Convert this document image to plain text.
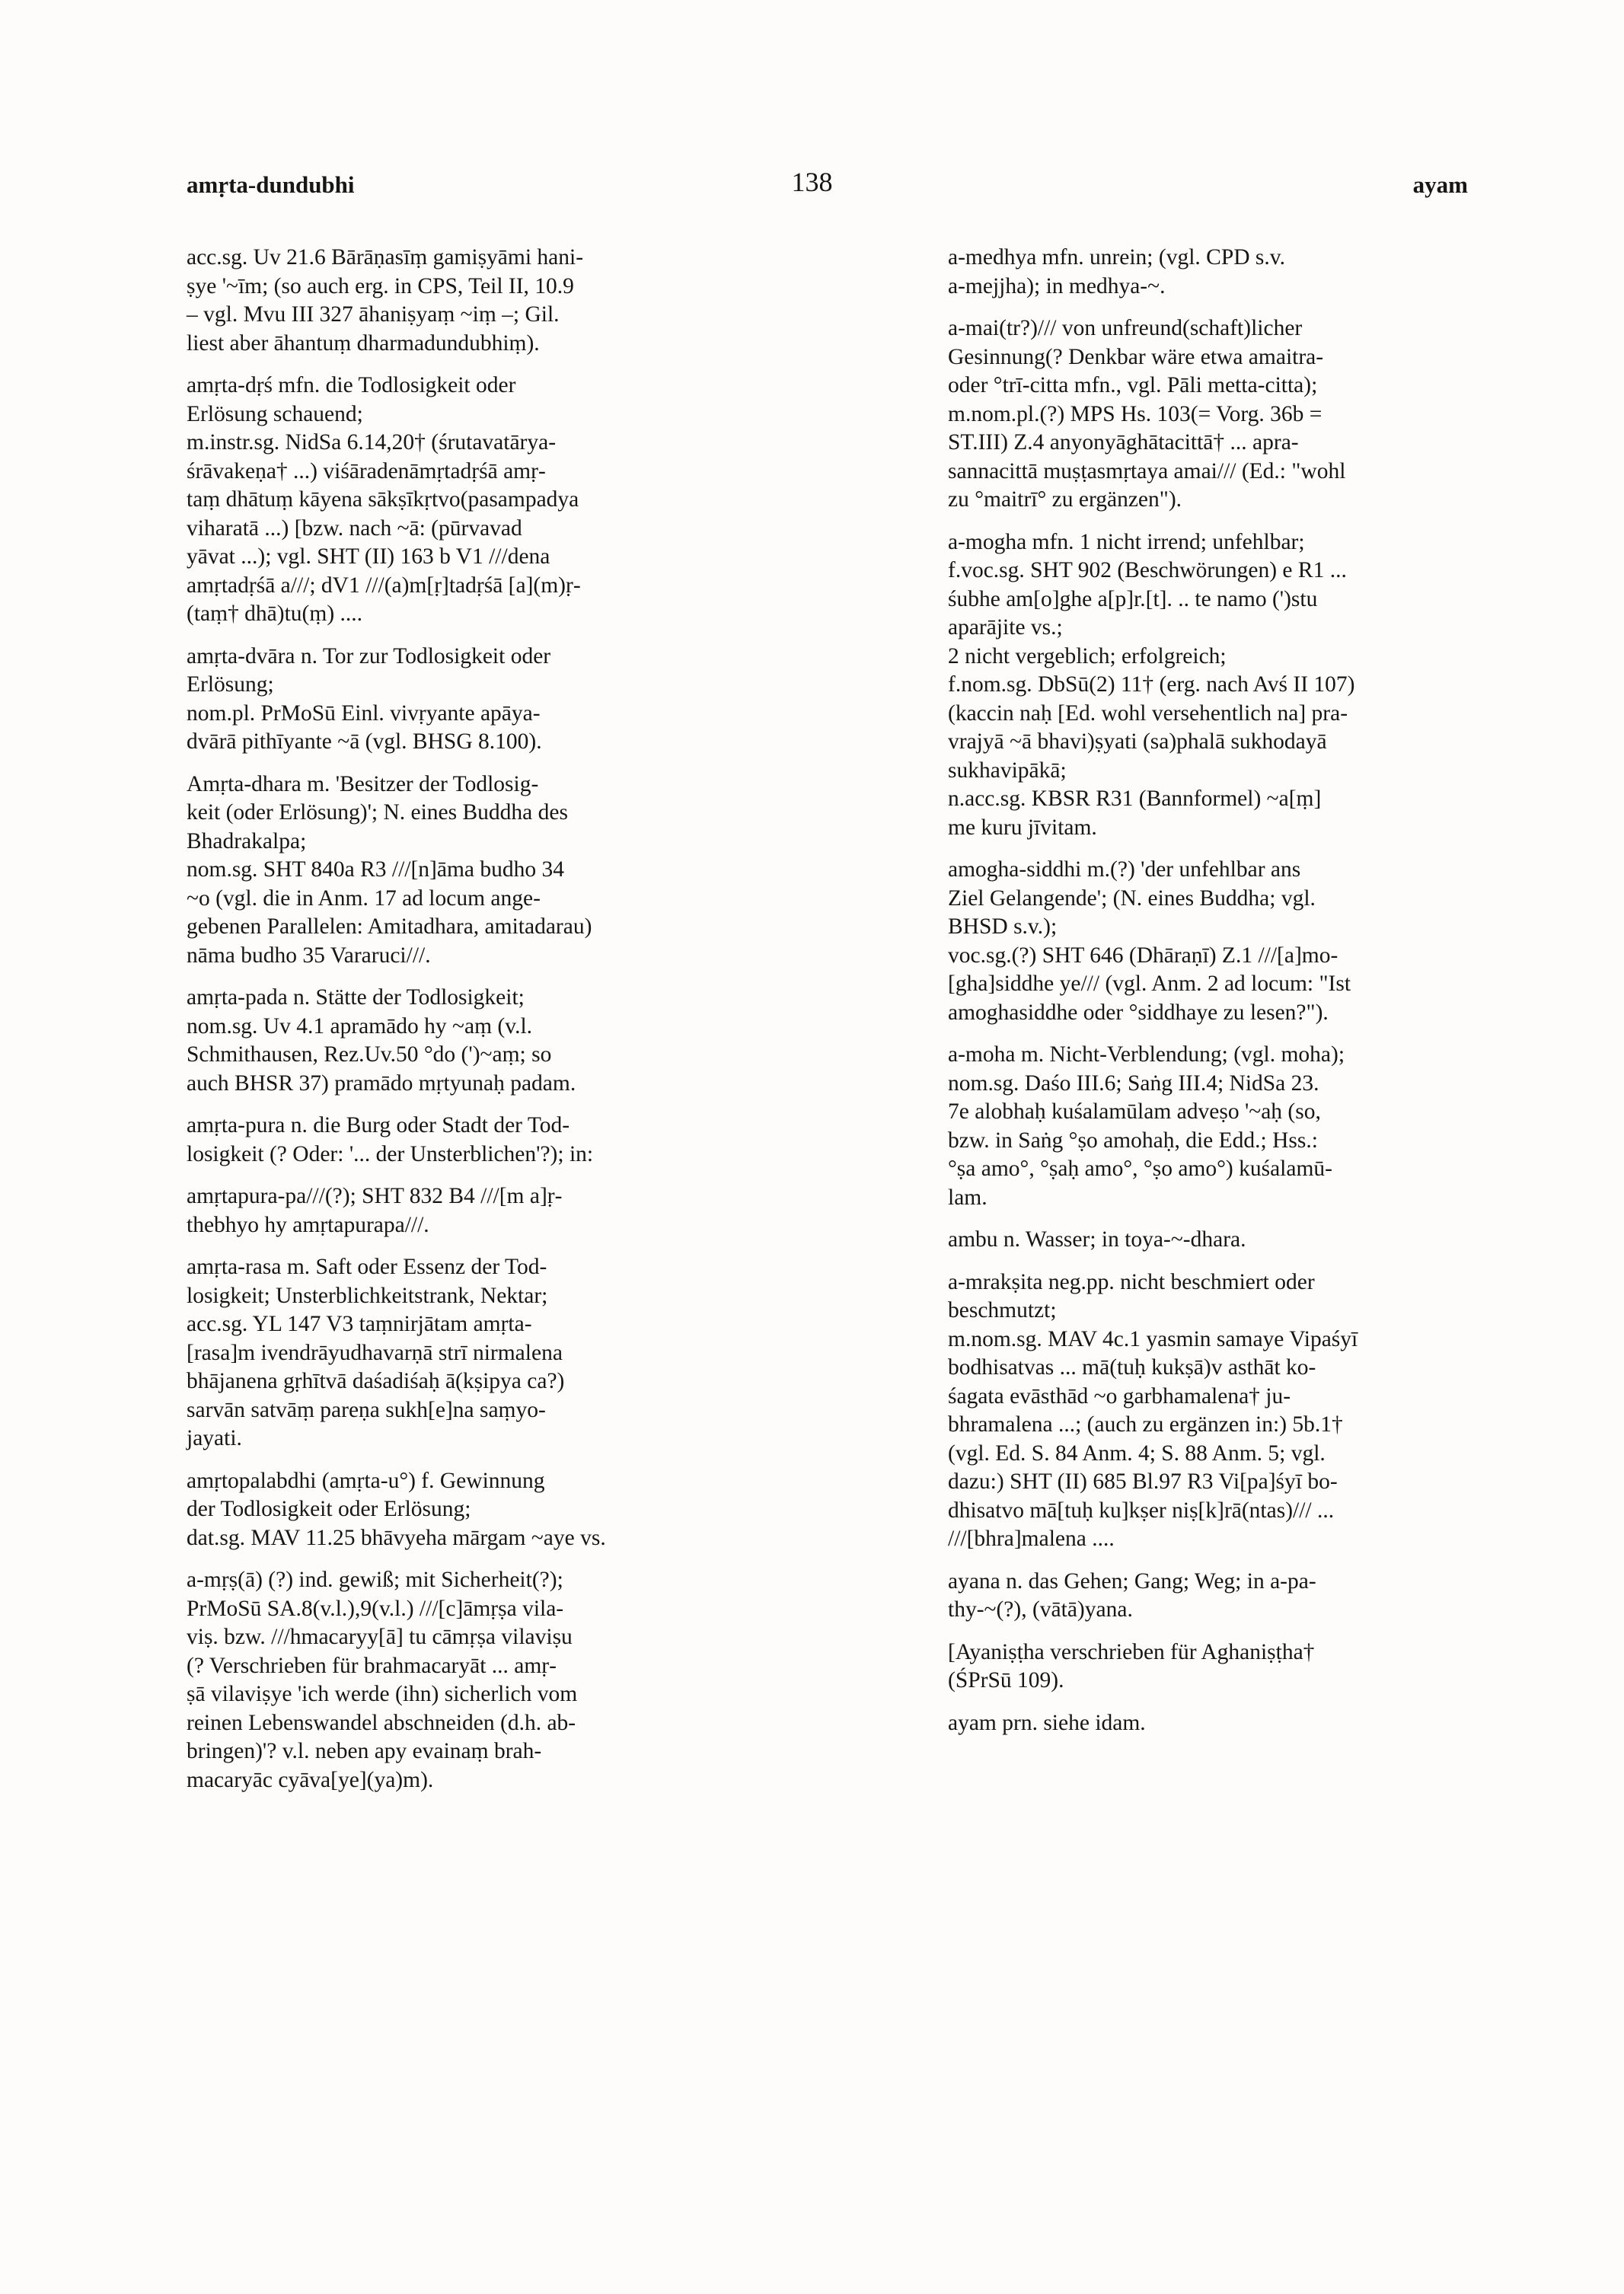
amṛta-dundubhi	138	ayam
acc.sg. Uv 21.6 Bārāṇasīṃ gamiṣyāmi hani-
ṣye '~īm; (so auch erg. in CPS, Teil II, 10.9
– vgl. Mvu III 327 āhaniṣyaṃ ~iṃ –; Gil.
liest aber āhantuṃ dharmadundubhiṃ).
amṛta-dṛś mfn. die Todlosigkeit oder
Erlösung schauend;
m.instr.sg. NidSa 6.14,20† (śrutavatārya-
śrāvakeṇa† ...) viśāradenāmṛtadṛśā amṛ-
taṃ dhātuṃ kāyena sākṣīkṛtvo(pasampadya
viharatā ...) [bzw. nach ~ā: (pūrvavad
yāvat ...); vgl. SHT (II) 163 b V1 ///dena
amṛtadṛśā a///; dV1 ///(a)m[ṛ]tadṛśā [a](m)ṛ-
(taṃ† dhā)tu(ṃ) ....
amṛta-dvāra n. Tor zur Todlosigkeit oder
Erlösung;
nom.pl. PrMoSū Einl. vivṛyante apāya-
dvārā pithīyante ~ā (vgl. BHSG 8.100).
Amṛta-dhara m. 'Besitzer der Todlosig-
keit (oder Erlösung)'; N. eines Buddha des
Bhadrakalpa;
nom.sg. SHT 840a R3 ///[n]āma budho 34
~o (vgl. die in Anm. 17 ad locum ange-
gebenen Parallelen: Amitadhara, amitadarau)
nāma budho 35 Vararuci///.
amṛta-pada n. Stätte der Todlosigkeit;
nom.sg. Uv 4.1 apramādo hy ~aṃ (v.l.
Schmithausen, Rez.Uv.50 °do (')~aṃ; so
auch BHSR 37) pramādo mṛtyunaḥ padam.
amṛta-pura n. die Burg oder Stadt der Tod-
losigkeit (? Oder: '... der Unsterblichen'?); in:
amṛtapura-pa///(?); SHT 832 B4 ///[m a]ṛ-
thebhyo hy amṛtapurapa///.
amṛta-rasa m. Saft oder Essenz der Tod-
losigkeit; Unsterblichkeitstrank, Nektar;
acc.sg. YL 147 V3 taṃnirjātam amṛta-
[rasa]m ivendrāyudhavarṇā strī nirmalena
bhājanena gṛhītvā daśadiśaḥ ā(kṣipya ca?)
sarvān satvāṃ pareṇa sukh[e]na saṃyo-
jayati.
amṛtopalabdhi (amṛta-u°) f. Gewinnung
der Todlosigkeit oder Erlösung;
dat.sg. MAV 11.25 bhāvyeha mārgam ~aye vs.
a-mṛṣ(ā) (?) ind. gewiß; mit Sicherheit(?);
PrMoSū SA.8(v.l.),9(v.l.) ///[c]āmṛṣa vila-
viṣ. bzw. ///hmacaryy[ā] tu cāmṛṣa vilaviṣu
(? Verschrieben für brahmacaryāt ... amṛ-
ṣā vilaviṣye 'ich werde (ihn) sicherlich vom
reinen Lebenswandel abschneiden (d.h. ab-
bringen)'? v.l. neben apy evainaṃ brah-
macaryāc cyāva[ye](ya)m).
a-medhya mfn. unrein; (vgl. CPD s.v.
a-mejjha); in medhya-~.
a-mai(tr?)/// von unfreund(schaft)licher
Gesinnung(? Denkbar wäre etwa amaitra-
oder °trī-citta mfn., vgl. Pāli metta-citta);
m.nom.pl.(?) MPS Hs. 103(= Vorg. 36b =
ST.III) Z.4 anyonyāghātacittā† ... apra-
sannacittā muṣṭasmṛtaya amai/// (Ed.: "wohl
zu °maitrī° zu ergänzen").
a-mogha mfn. 1 nicht irrend; unfehlbar;
f.voc.sg. SHT 902 (Beschwörungen) e R1 ...
śubhe am[o]ghe a[p]r.[t]. .. te namo (')stu
aparājite vs.;
2 nicht vergeblich; erfolgreich;
f.nom.sg. DbSū(2) 11† (erg. nach Avś II 107)
(kaccin naḥ [Ed. wohl versehentlich na] pra-
vrajyā ~ā bhavi)ṣyati (sa)phalā sukhodayā
sukhavipākā;
n.acc.sg. KBSR R31 (Bannformel) ~a[ṃ]
me kuru jīvitam.
amogha-siddhi m.(?) 'der unfehlbar ans
Ziel Gelangende'; (N. eines Buddha; vgl.
BHSD s.v.);
voc.sg.(?) SHT 646 (Dhāraṇī) Z.1 ///[a]mo-
[gha]siddhe ye/// (vgl. Anm. 2 ad locum: "Ist
amoghasiddhe oder °siddhaye zu lesen?").
a-moha m. Nicht-Verblendung; (vgl. moha);
nom.sg. Daśo III.6; Saṅg III.4; NidSa 23.
7e alobhaḥ kuśalamūlam adveṣo '~aḥ (so,
bzw. in Saṅg °ṣo amohaḥ, die Edd.; Hss.:
°ṣa amo°, °ṣaḥ amo°, °ṣo amo°) kuśalamū-
lam.
ambu n. Wasser; in toya-~-dhara.
a-mrakṣita neg.pp. nicht beschmiert oder
beschmutzt;
m.nom.sg. MAV 4c.1 yasmin samaye Vipaśyī
bodhisatvas ... mā(tuḥ kukṣā)v asthāt ko-
śagata evāsthād ~o garbhamalena† ju-
bhramalena ...; (auch zu ergänzen in:) 5b.1†
(vgl. Ed. S. 84 Anm. 4; S. 88 Anm. 5; vgl.
dazu:) SHT (II) 685 Bl.97 R3 Vi[pa]śyī bo-
dhisatvo mā[tuḥ ku]kṣer niṣ[k]rā(ntas)/// ...
///[bhra]malena ....
ayana n. das Gehen; Gang; Weg; in a-pa-
thy-~(?), (vātā)yana.
[Ayaniṣṭha verschrieben für Aghaniṣṭha†
(ŚPrSū 109).
ayam prn. siehe idam.
